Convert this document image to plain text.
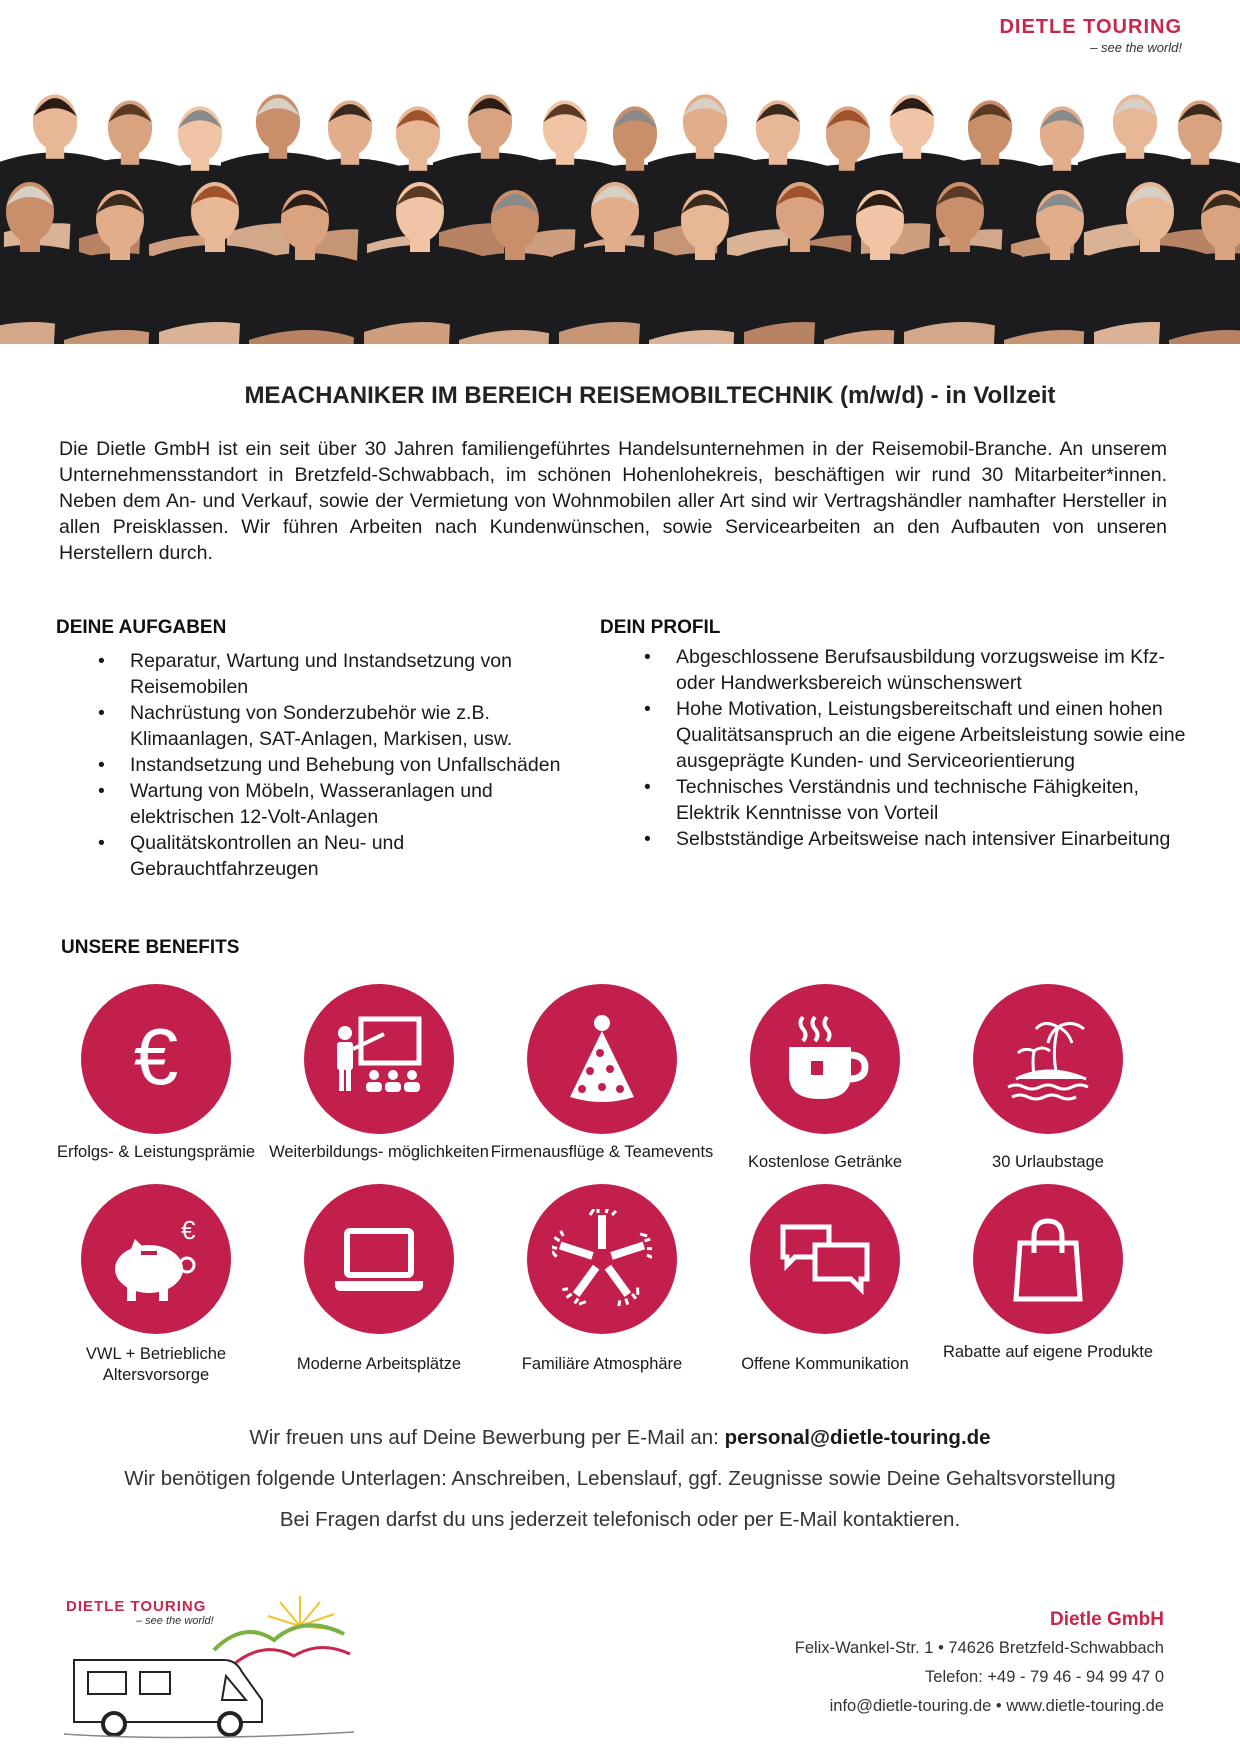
DIETLE TOURING
– see the world!
MEACHANIKER IM BEREICH REISEMOBILTECHNIK (m/w/d) - in Vollzeit
Die Dietle GmbH ist ein seit über 30 Jahren familiengeführtes Handelsunternehmen in der Reisemobil-Branche. An unserem Unternehmensstandort in Bretzfeld-Schwabbach, im schönen Hohenlohekreis, beschäftigen wir rund 30 Mitarbeiter*innen. Neben dem An- und Verkauf, sowie der Vermietung von Wohnmobilen aller Art sind wir Vertragshändler namhafter Hersteller in allen Preisklassen. Wir führen Arbeiten nach Kundenwünschen, sowie Servicearbeiten an den Aufbauten von unseren Herstellern durch.
DEINE AUFGABEN
• Reparatur, Wartung und Instandsetzung von Reisemobilen
• Nachrüstung von Sonderzubehör wie z.B. Klimaanlagen, SAT-Anlagen, Markisen, usw.
• Instandsetzung und Behebung von Unfallschäden
• Wartung von Möbeln, Wasseranlagen und elektrischen 12-Volt-Anlagen
• Qualitätskontrollen an Neu- und Gebrauchtfahrzeugen
DEIN PROFIL
• Abgeschlossene Berufsausbildung vorzugsweise im Kfz- oder Handwerksbereich wünschenswert
• Hohe Motivation, Leistungsbereitschaft und einen hohen Qualitätsanspruch an die eigene Arbeitsleistung sowie eine ausgeprägte Kunden- und Serviceorientierung
• Technisches Verständnis und technische Fähigkeiten, Elektrik Kenntnisse von Vorteil
• Selbstständige Arbeitsweise nach intensiver Einarbeitung
UNSERE BENEFITS
€
Erfolgs- & Leistungsprämie Weiterbildungs- möglichkeiten Firmenausflüge & Teamevents
Kostenlose Getränke	30 Urlaubstage
€
VWL + Betriebliche Altersvorsorge
Moderne Arbeitsplätze	Familiäre Atmosphäre	Offene Kommunikation
Rabatte auf eigene Produkte
Wir freuen uns auf Deine Bewerbung per E-Mail an: personal@dietle-touring.de
Wir benötigen folgende Unterlagen: Anschreiben, Lebenslauf, ggf. Zeugnisse sowie Deine Gehaltsvorstellung
Bei Fragen darfst du uns jederzeit telefonisch oder per E-Mail kontaktieren.
DIETLE TOURING
– see the world!	Dietle GmbH
Felix-Wankel-Str. 1 • 74626 Bretzfeld-Schwabbach
Telefon: +49 - 79 46 - 94 99 47 0
info@dietle-touring.de • www.dietle-touring.de
